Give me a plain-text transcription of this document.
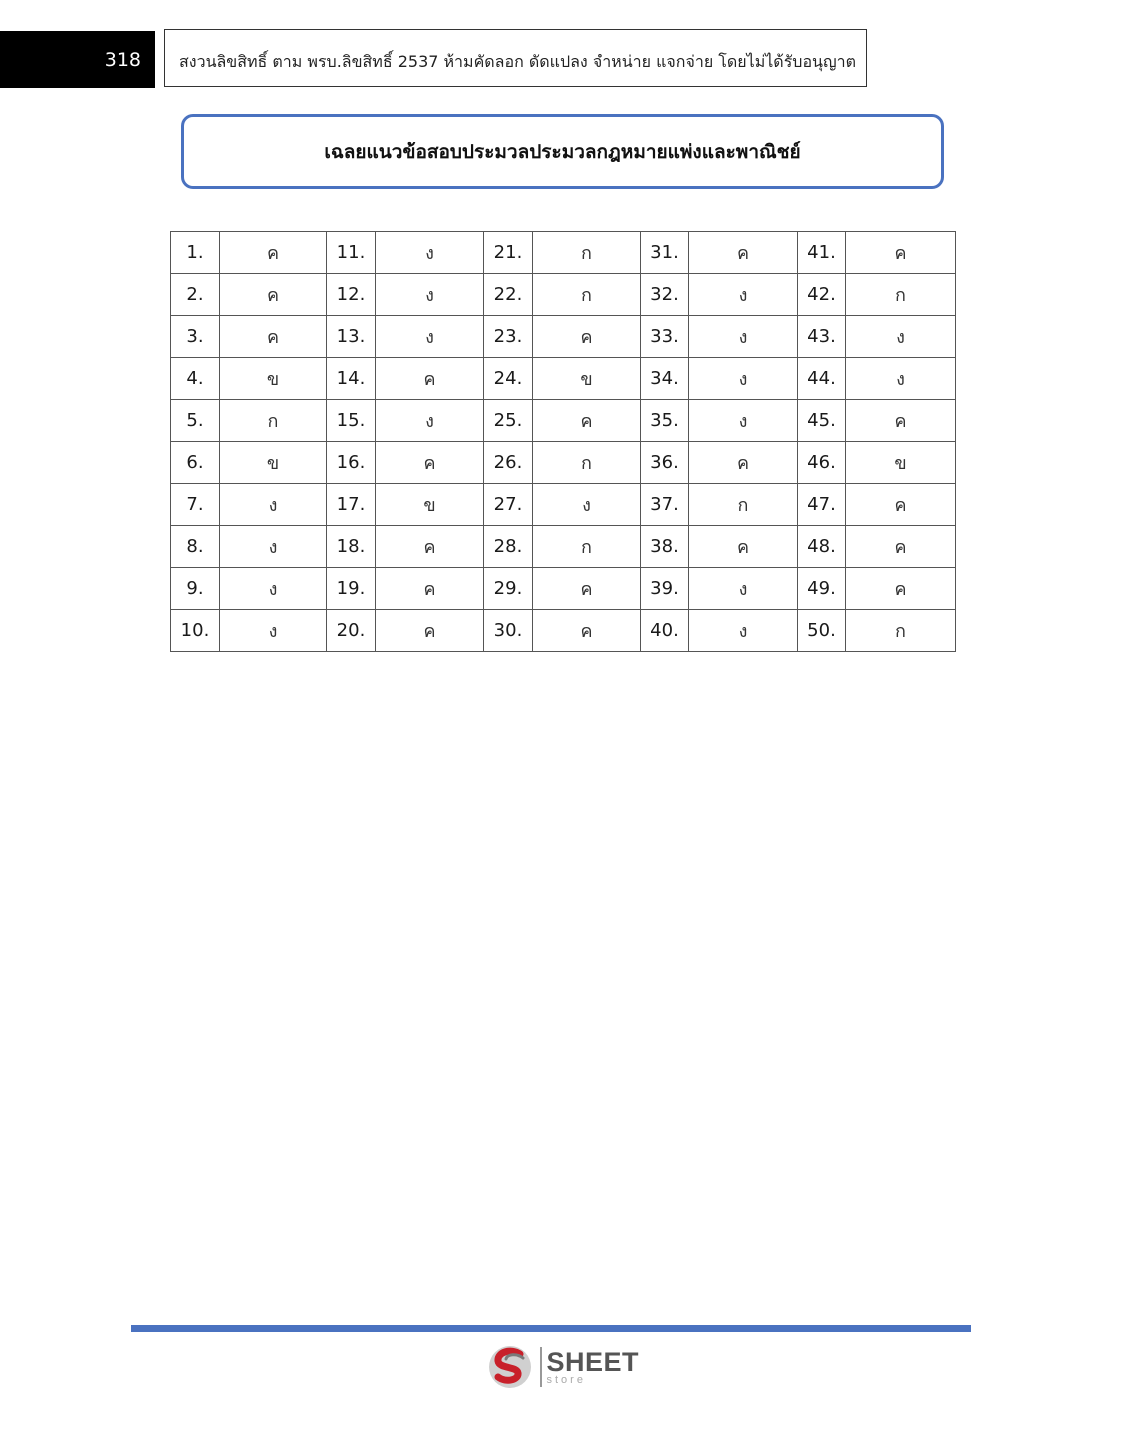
318	สงวนลิขสิทธิ์ ตาม พรบ.ลิขสิทธิ์ 2537 ห้ามคัดลอก ดัดแปลง จำหน่าย แจกจ่าย โดยไม่ได้รับอนุญาต
เฉลยแนวข้อสอบประมวลประมวลกฎหมายแพ่งและพาณิชย์
1.	ค	11.	ง	21.	ก	31.	ค	41.	ค
2.	ค	12.	ง	22.	ก	32.	ง	42.	ก
3.	ค	13.	ง	23.	ค	33.	ง	43.	ง
4.	ข	14.	ค	24.	ข	34.	ง	44.	ง
5.	ก	15.	ง	25.	ค	35.	ง	45.	ค
6.	ข	16.	ค	26.	ก	36.	ค	46.	ข
7.	ง	17.	ข	27.	ง	37.	ก	47.	ค
8.	ง	18.	ค	28.	ก	38.	ค	48.	ค
9.	ง	19.	ค	29.	ค	39.	ง	49.	ค
10.	ง	20.	ค	30.	ค	40.	ง	50.	ก
SHEET
store
